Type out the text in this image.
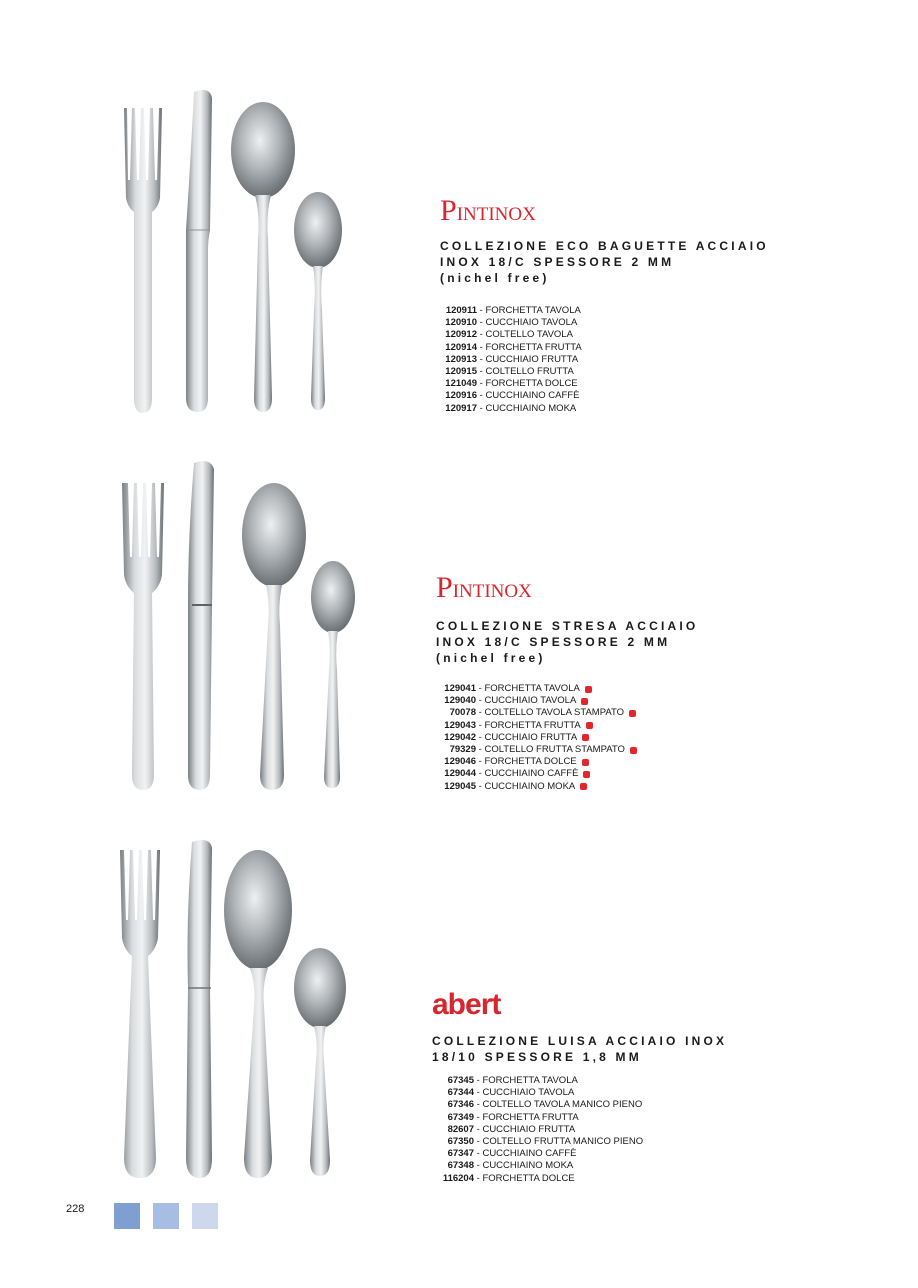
PINTINOX
COLLEZIONE ECO BAGUETTE ACCIAIO
INOX 18/C SPESSORE 2 MM
(nichel free)
120911 - FORCHETTA TAVOLA
120910 - CUCCHIAIO TAVOLA
120912 - COLTELLO TAVOLA
120914 - FORCHETTA FRUTTA
120913 - CUCCHIAIO FRUTTA
120915 - COLTELLO FRUTTA
121049 - FORCHETTA DOLCE
120916 - CUCCHIAINO CAFFÈ
120917 - CUCCHIAINO MOKA
PINTINOX
COLLEZIONE STRESA ACCIAIO
INOX 18/C SPESSORE 2 MM
(nichel free)
129041 - FORCHETTA TAVOLA
129040 - CUCCHIAIO TAVOLA
70078 - COLTELLO TAVOLA STAMPATO
129043 - FORCHETTA FRUTTA
129042 - CUCCHIAIO FRUTTA
79329 - COLTELLO FRUTTA STAMPATO
129046 - FORCHETTA DOLCE
129044 - CUCCHIAINO CAFFÈ
129045 - CUCCHIAINO MOKA
abert
COLLEZIONE LUISA ACCIAIO INOX
18/10 SPESSORE 1,8 MM
67345 - FORCHETTA TAVOLA
67344 - CUCCHIAIO TAVOLA
67346 - COLTELLO TAVOLA MANICO PIENO
67349 - FORCHETTA FRUTTA
82607 - CUCCHIAIO FRUTTA
67350 - COLTELLO FRUTTA MANICO PIENO
67347 - CUCCHIAINO CAFFÈ
67348 - CUCCHIAINO MOKA
116204 - FORCHETTA DOLCE
228
